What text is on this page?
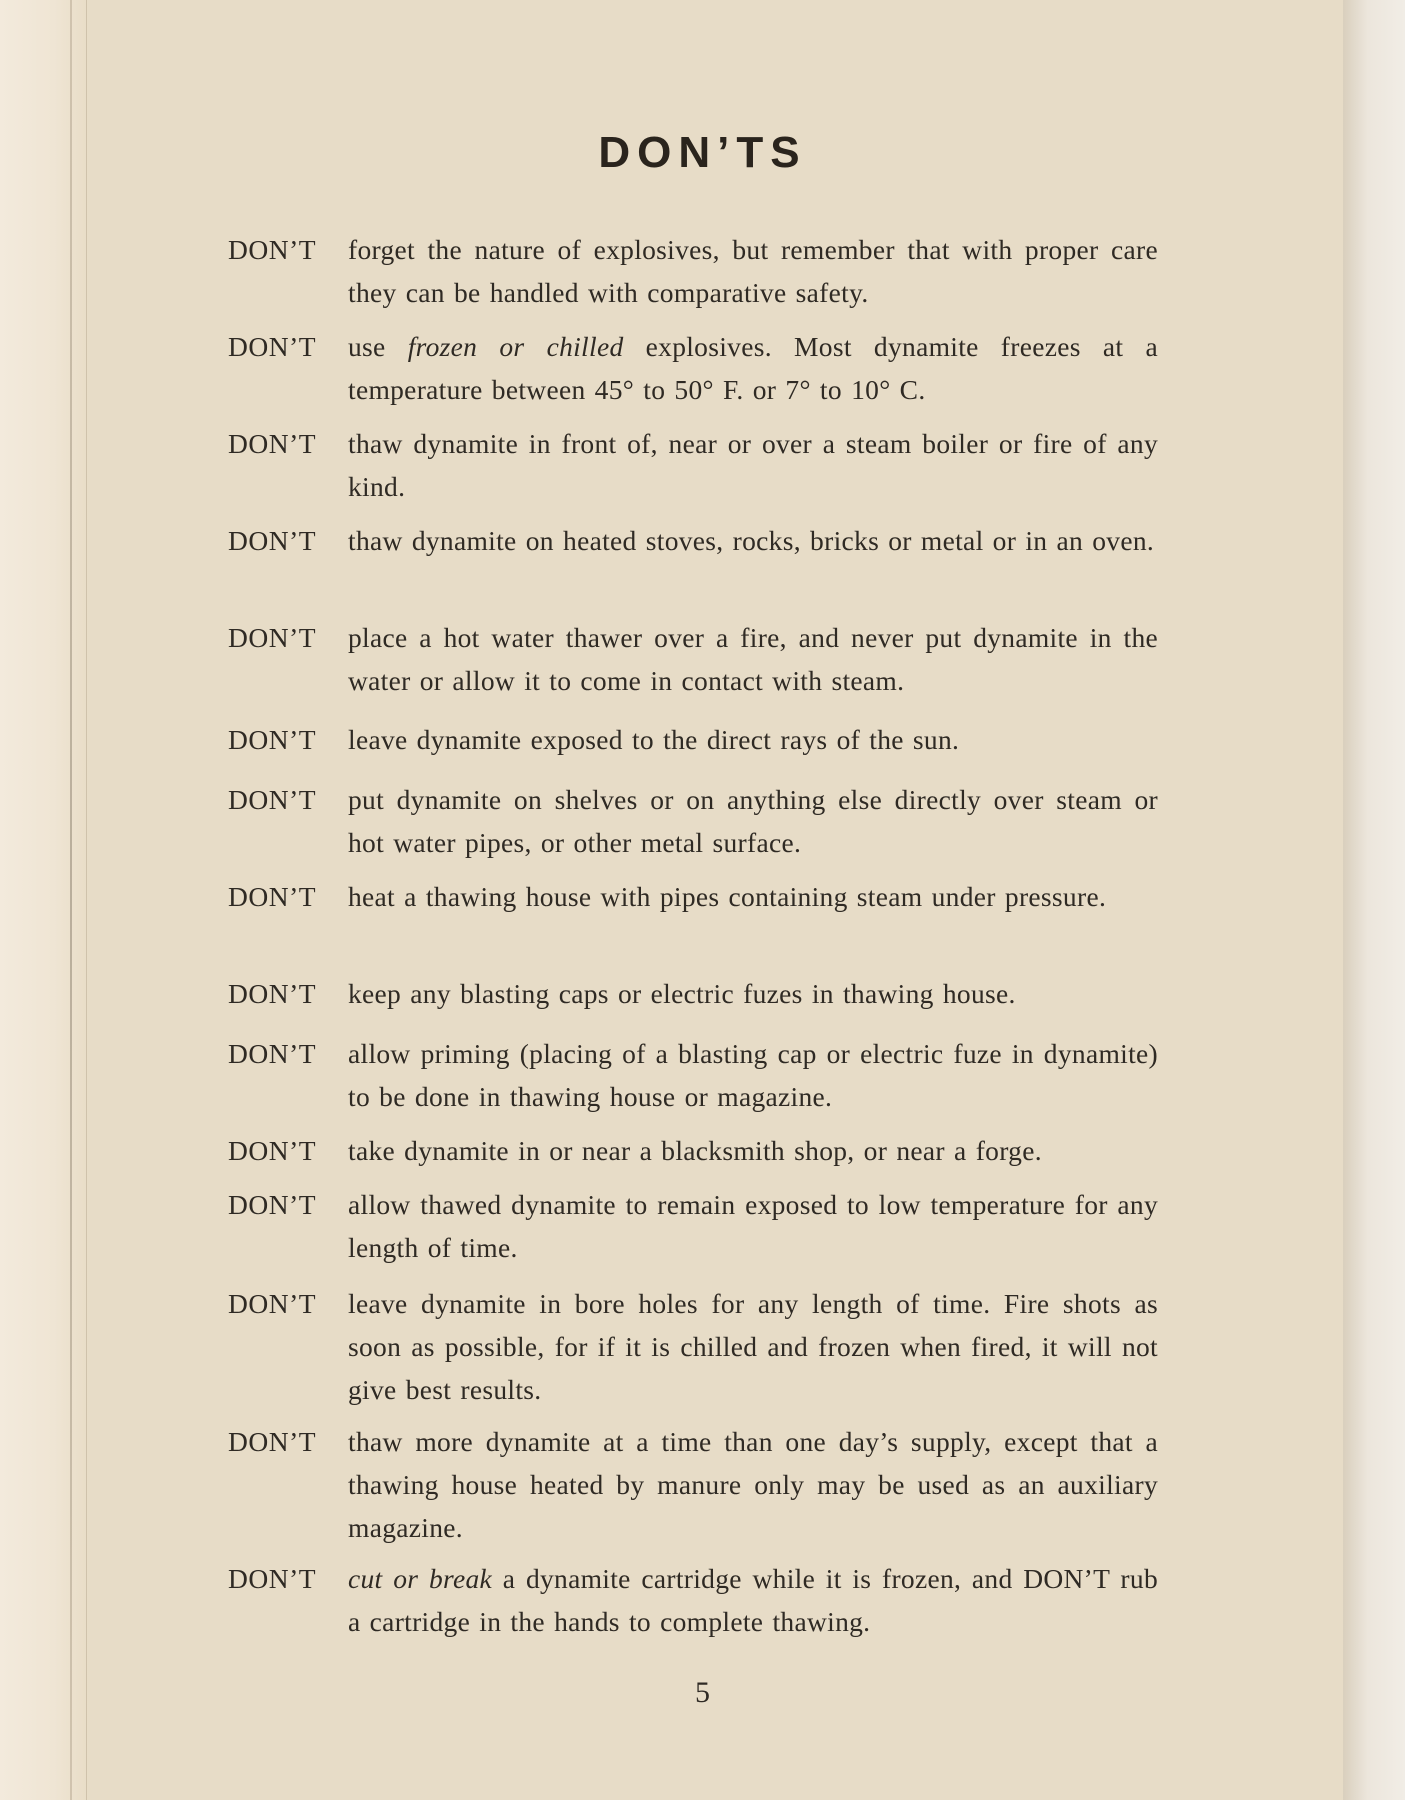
DON’TS
DON’T	forget the nature of explosives, but remember that with proper care they can be handled with comparative safety.
DON’T	use frozen or chilled explosives. Most dynamite freezes at a temperature between 45° to 50° F. or 7° to 10° C.
DON’T	thaw dynamite in front of, near or over a steam boiler or fire of any kind.
DON’T	thaw dynamite on heated stoves, rocks, bricks or metal or in an oven.
DON’T	place a hot water thawer over a fire, and never put dynamite in the water or allow it to come in contact with steam.
DON’T	leave dynamite exposed to the direct rays of the sun.
DON’T	put dynamite on shelves or on anything else directly over steam or hot water pipes, or other metal surface.
DON’T	heat a thawing house with pipes containing steam under pressure.
DON’T	keep any blasting caps or electric fuzes in thawing house.
DON’T	allow priming (placing of a blasting cap or electric fuze in dynamite) to be done in thawing house or magazine.
DON’T	take dynamite in or near a blacksmith shop, or near a forge.
DON’T	allow thawed dynamite to remain exposed to low temperature for any length of time.
DON’T	leave dynamite in bore holes for any length of time. Fire shots as soon as possible, for if it is chilled and frozen when fired, it will not give best results.
DON’T	thaw more dynamite at a time than one day’s supply, except that a thawing house heated by manure only may be used as an auxiliary magazine.
DON’T	cut or break a dynamite cartridge while it is frozen, and DON’T rub a cartridge in the hands to complete thawing.
5
